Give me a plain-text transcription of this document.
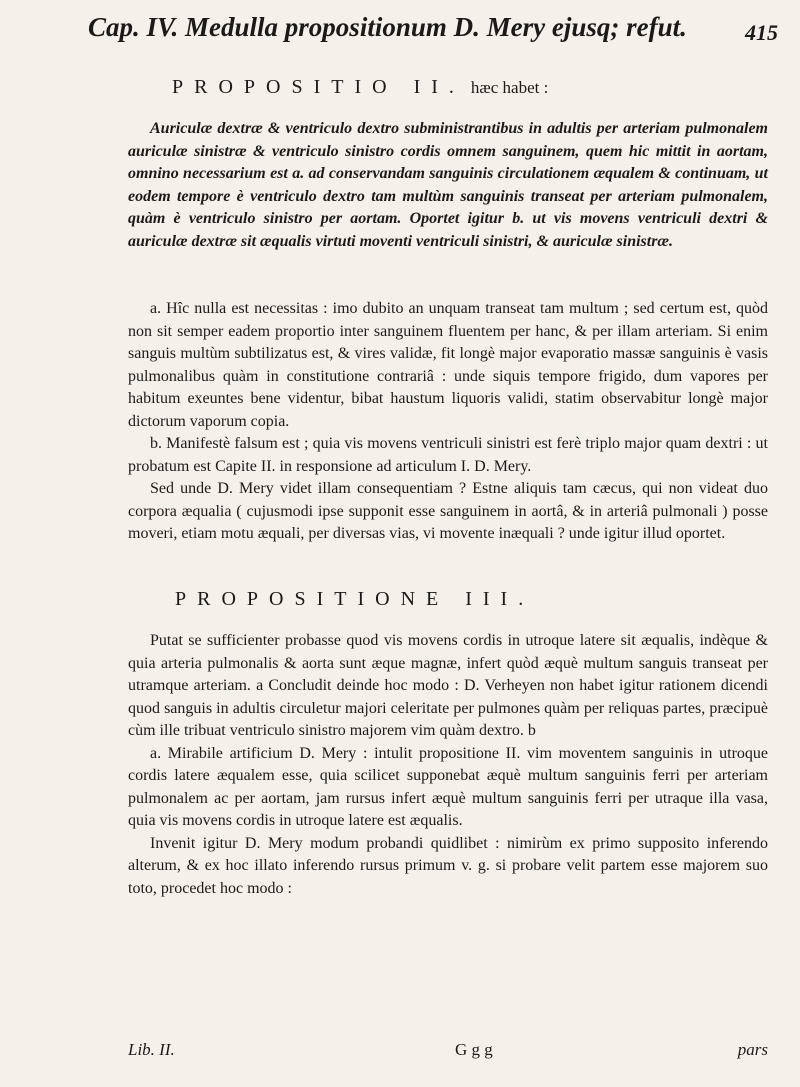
Cap. IV. Medulla propositionum D. Mery ejusq; refut.	415
PROPOSITIO II. hæc habet :
Auriculæ dextræ & ventriculo dextro subministrantibus in adultis per arteriam pulmonalem auriculæ sinistræ & ventriculo sinistro cordis omnem sanguinem, quem hic mittit in aortam, omnino necessarium est a. ad conservandam sanguinis circulationem æqualem & continuam, ut eodem tempore è ventriculo dextro tam multùm sanguinis transeat per arteriam pulmonalem, quàm è ventriculo sinistro per aortam. Oportet igitur b. ut vis movens ventriculi dextri & auriculæ dextræ sit æqualis virtuti moventi ventriculi sinistri, & auriculæ sinistræ.
a. Hîc nulla est necessitas : imo dubito an unquam transeat tam multum ; sed certum est, quòd non sit semper eadem proportio inter sanguinem fluentem per hanc, & per illam arteriam. Si enim sanguis multùm subtilizatus est, & vires validæ, fit longè major evaporatio massæ sanguinis è vasis pulmonalibus quàm in constitutione contrariâ : unde siquis tempore frigido, dum vapores per habitum exeuntes bene videntur, bibat haustum liquoris validi, statim observabitur longè major dictorum vaporum copia.
b. Manifestè falsum est ; quia vis movens ventriculi sinistri est ferè triplo major quam dextri : ut probatum est Capite II. in responsione ad articulum I. D. Mery.
Sed unde D. Mery videt illam consequentiam ? Estne aliquis tam cæcus, qui non videat duo corpora æqualia ( cujusmodi ipse supponit esse sanguinem in aortâ, & in arteriâ pulmonali ) posse moveri, etiam motu æquali, per diversas vias, vi movente inæquali ? unde igitur illud oportet.
PROPOSITIONE III.
Putat se sufficienter probasse quod vis movens cordis in utroque latere sit æqualis, indèque & quia arteria pulmonalis & aorta sunt æque magnæ, infert quòd æquè multum sanguis transeat per utramque arteriam. a Concludit deinde hoc modo : D. Verheyen non habet igitur rationem dicendi quod sanguis in adultis circuletur majori celeritate per pulmones quàm per reliquas partes, præcipuè cùm ille tribuat ventriculo sinistro majorem vim quàm dextro. b
a. Mirabile artificium D. Mery : intulit propositione II. vim moventem sanguinis in utroque cordis latere æqualem esse, quia scilicet supponebat æquè multum sanguinis ferri per arteriam pulmonalem ac per aortam, jam rursus infert æquè multum sanguinis ferri per utraque illa vasa, quia vis movens cordis in utroque latere est æqualis.
Invenit igitur D. Mery modum probandi quidlibet : nimirùm ex primo supposito inferendo alterum, & ex hoc illato inferendo rursus primum v. g. si probare velit partem esse majorem suo toto, procedet hoc modo :
Lib. II.	G g g	pars
